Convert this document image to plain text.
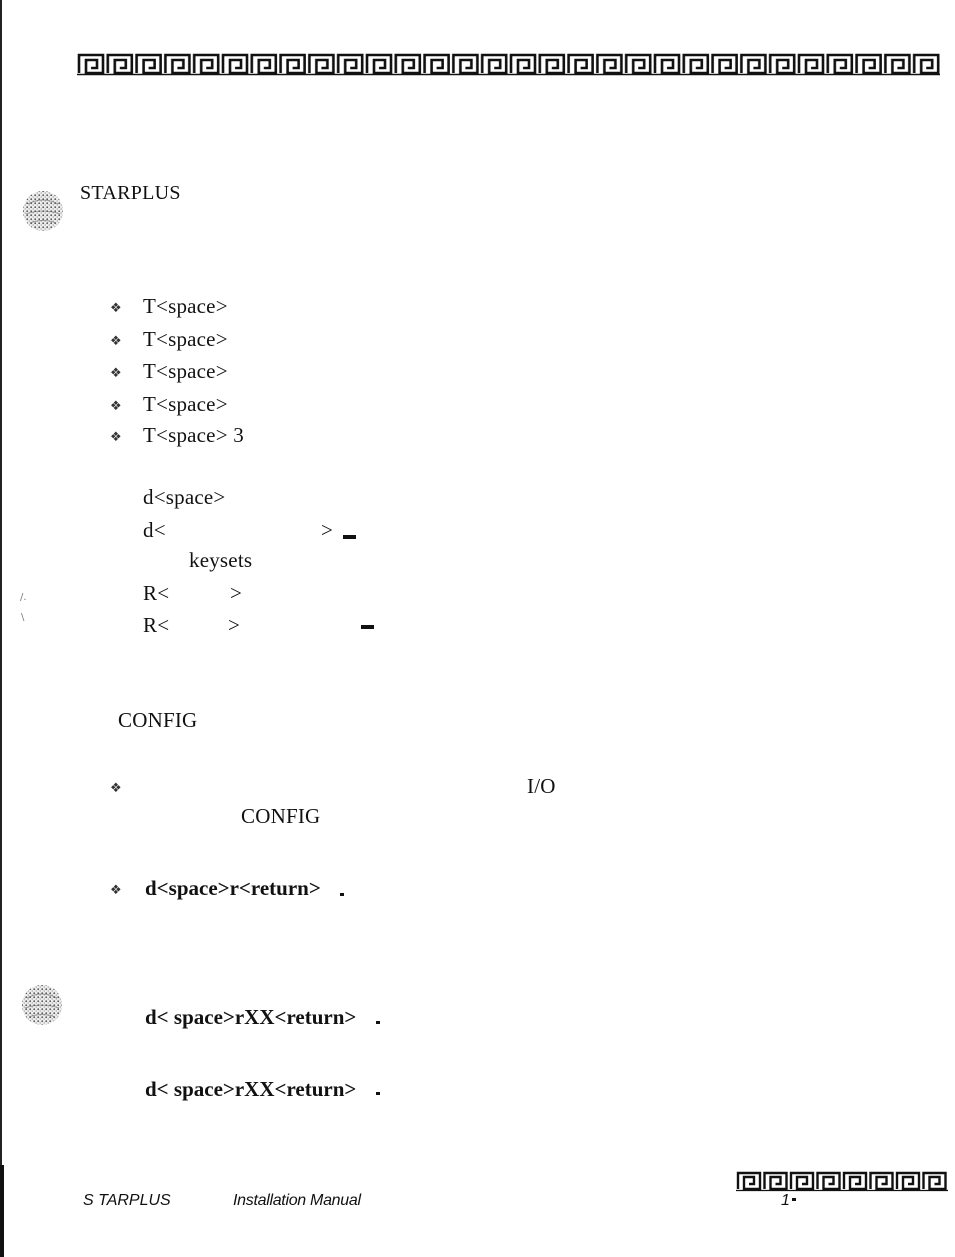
STARPLUS
❖ T<space>
❖ T<space>
❖ T<space>
❖ T<space>
❖ T<space> 3
d<space>
d<	>
keysets
/.
\
R<	>
R<	>
CONFIG
❖	I/O
CONFIG
❖ d<space>r<return>
d< space>rXX<return>
d< space>rXX<return>
S TARPLUS	Installation Manual	1
